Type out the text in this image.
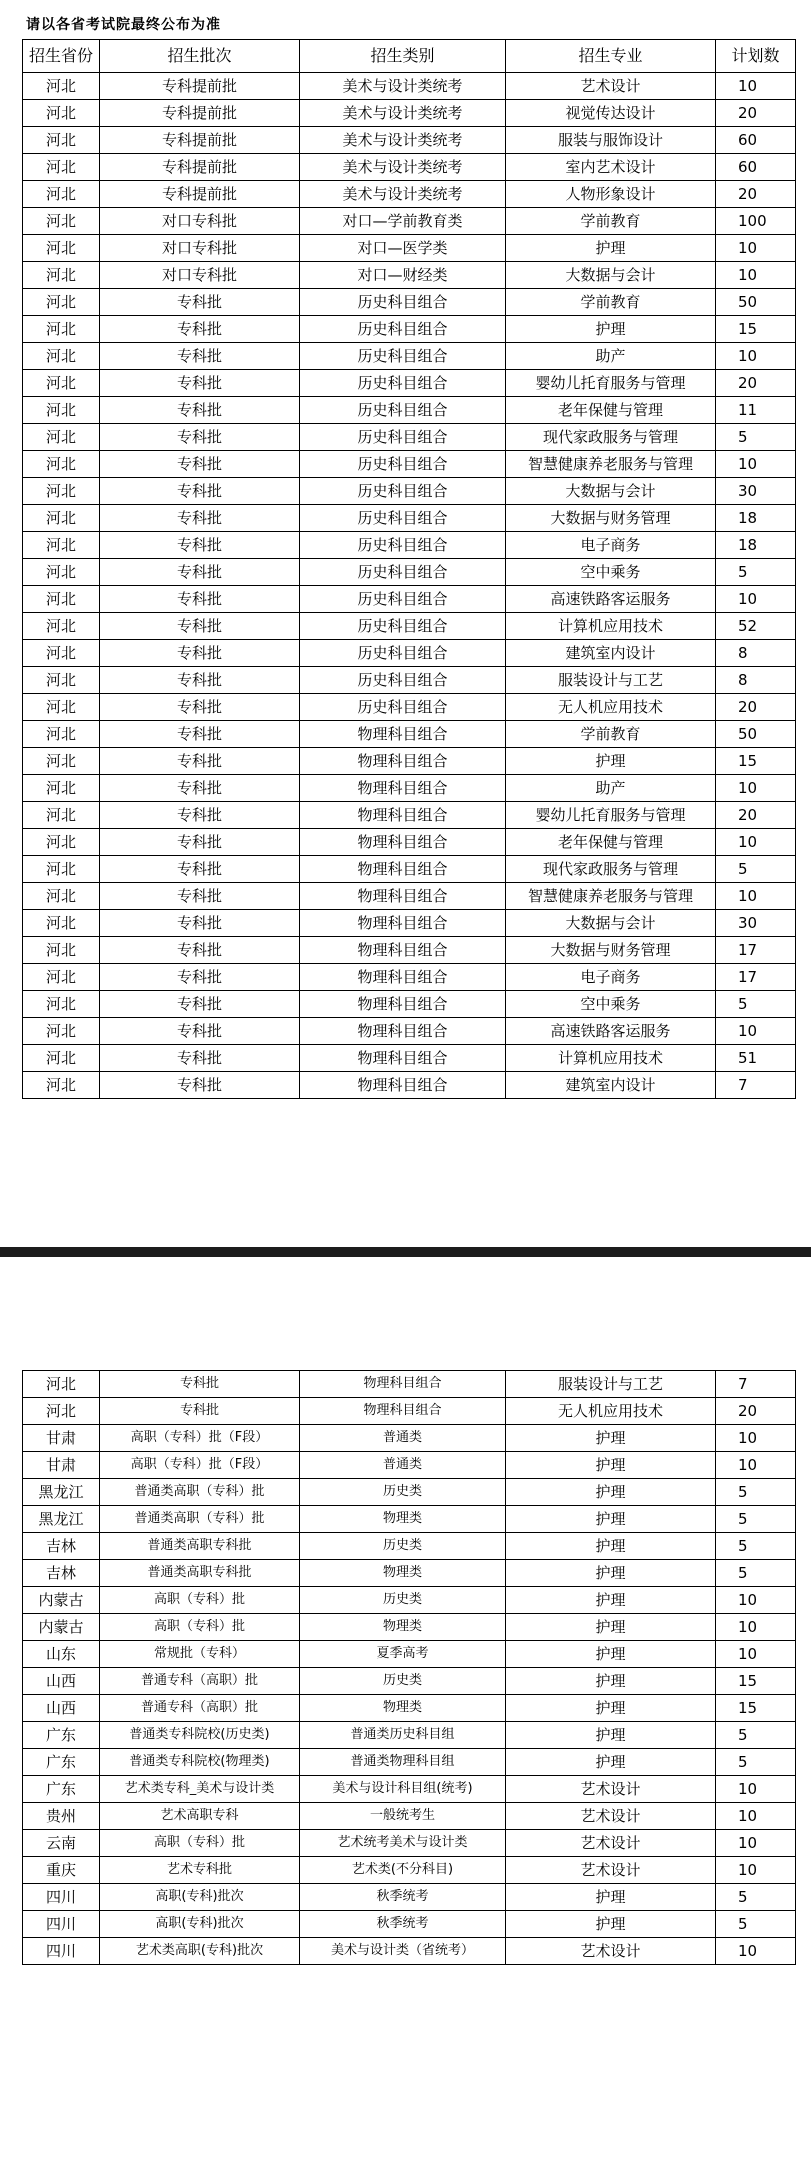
请以各省考试院最终公布为准
招生省份	招生批次	招生类别	招生专业	计划数
河北	专科提前批	美术与设计类统考	艺术设计	10
河北	专科提前批	美术与设计类统考	视觉传达设计	20
河北	专科提前批	美术与设计类统考	服装与服饰设计	60
河北	专科提前批	美术与设计类统考	室内艺术设计	60
河北	专科提前批	美术与设计类统考	人物形象设计	20
河北	对口专科批	对口—学前教育类	学前教育	100
河北	对口专科批	对口—医学类	护理	10
河北	对口专科批	对口—财经类	大数据与会计	10
河北	专科批	历史科目组合	学前教育	50
河北	专科批	历史科目组合	护理	15
河北	专科批	历史科目组合	助产	10
河北	专科批	历史科目组合	婴幼儿托育服务与管理	20
河北	专科批	历史科目组合	老年保健与管理	11
河北	专科批	历史科目组合	现代家政服务与管理	5
河北	专科批	历史科目组合	智慧健康养老服务与管理	10
河北	专科批	历史科目组合	大数据与会计	30
河北	专科批	历史科目组合	大数据与财务管理	18
河北	专科批	历史科目组合	电子商务	18
河北	专科批	历史科目组合	空中乘务	5
河北	专科批	历史科目组合	高速铁路客运服务	10
河北	专科批	历史科目组合	计算机应用技术	52
河北	专科批	历史科目组合	建筑室内设计	8
河北	专科批	历史科目组合	服装设计与工艺	8
河北	专科批	历史科目组合	无人机应用技术	20
河北	专科批	物理科目组合	学前教育	50
河北	专科批	物理科目组合	护理	15
河北	专科批	物理科目组合	助产	10
河北	专科批	物理科目组合	婴幼儿托育服务与管理	20
河北	专科批	物理科目组合	老年保健与管理	10
河北	专科批	物理科目组合	现代家政服务与管理	5
河北	专科批	物理科目组合	智慧健康养老服务与管理	10
河北	专科批	物理科目组合	大数据与会计	30
河北	专科批	物理科目组合	大数据与财务管理	17
河北	专科批	物理科目组合	电子商务	17
河北	专科批	物理科目组合	空中乘务	5
河北	专科批	物理科目组合	高速铁路客运服务	10
河北	专科批	物理科目组合	计算机应用技术	51
河北	专科批	物理科目组合	建筑室内设计	7
河北	专科批	物理科目组合	服装设计与工艺	7
河北	专科批	物理科目组合	无人机应用技术	20
甘肃	高职（专科）批（F段）	普通类	护理	10
甘肃	高职（专科）批（F段）	普通类	护理	10
黑龙江	普通类高职（专科）批	历史类	护理	5
黑龙江	普通类高职（专科）批	物理类	护理	5
吉林	普通类高职专科批	历史类	护理	5
吉林	普通类高职专科批	物理类	护理	5
内蒙古	高职（专科）批	历史类	护理	10
内蒙古	高职（专科）批	物理类	护理	10
山东	常规批（专科）	夏季高考	护理	10
山西	普通专科（高职）批	历史类	护理	15
山西	普通专科（高职）批	物理类	护理	15
广东	普通类专科院校(历史类)	普通类历史科目组	护理	5
广东	普通类专科院校(物理类)	普通类物理科目组	护理	5
广东	艺术类专科_美术与设计类	美术与设计科目组(统考)	艺术设计	10
贵州	艺术高职专科	一般统考生	艺术设计	10
云南	高职（专科）批	艺术统考美术与设计类	艺术设计	10
重庆	艺术专科批	艺术类(不分科目)	艺术设计	10
四川	高职(专科)批次	秋季统考	护理	5
四川	高职(专科)批次	秋季统考	护理	5
四川	艺术类高职(专科)批次	美术与设计类（省统考）	艺术设计	10
